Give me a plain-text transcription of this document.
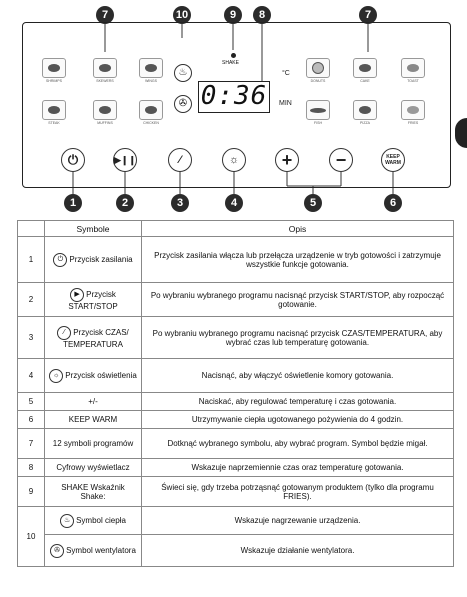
7	10	9	8	7
SHRIMPS	SKEWERS	WINGS
STEAK	MUFFINS	CHICKEN
♨
✇
SHAKE
0:36
°C
MIN
DONUTS	CAKE	TOAST
FISH	PIZZA	FRIES
⏻	▶❙❙	⁄	☼ + −	KEEP WARM
1	2	3	4	5	6
	Symbole	Opis
1	⏻ Przycisk zasilania	Przycisk zasilania włącza lub przełącza urządzenie w tryb gotowości i zatrzymuje wszystkie funkcje gotowania.
2	▶ Przycisk START/STOP	Po wybraniu wybranego programu nacisnąć przycisk START/STOP, aby rozpocząć gotowanie.
3	⁄ Przycisk CZAS/ TEMPERATURA	Po wybraniu wybranego programu nacisnąć przycisk CZAS/TEMPERATURA, aby wybrać czas lub temperaturę gotowania.
4	☼ Przycisk oświetlenia	Nacisnąć, aby włączyć oświetlenie komory gotowania.
5	+/-	Naciskać, aby regulować temperaturę i czas gotowania.
6	KEEP WARM	Utrzymywanie ciepła ugotowanego pożywienia do 4 godzin.
7	12 symboli programów	Dotknąć wybranego symbolu, aby wybrać program. Symbol będzie migał.
8	Cyfrowy wyświetlacz	Wskazuje naprzemiennie czas oraz temperaturę gotowania.
9	SHAKE Wskaźnik Shake:	Świeci się, gdy trzeba potrząsnąć gotowanym produktem (tylko dla programu FRIES).
10	♨ Symbol ciepła	Wskazuje nagrzewanie urządzenia.
	✇ Symbol wentylatora	Wskazuje działanie wentylatora.
